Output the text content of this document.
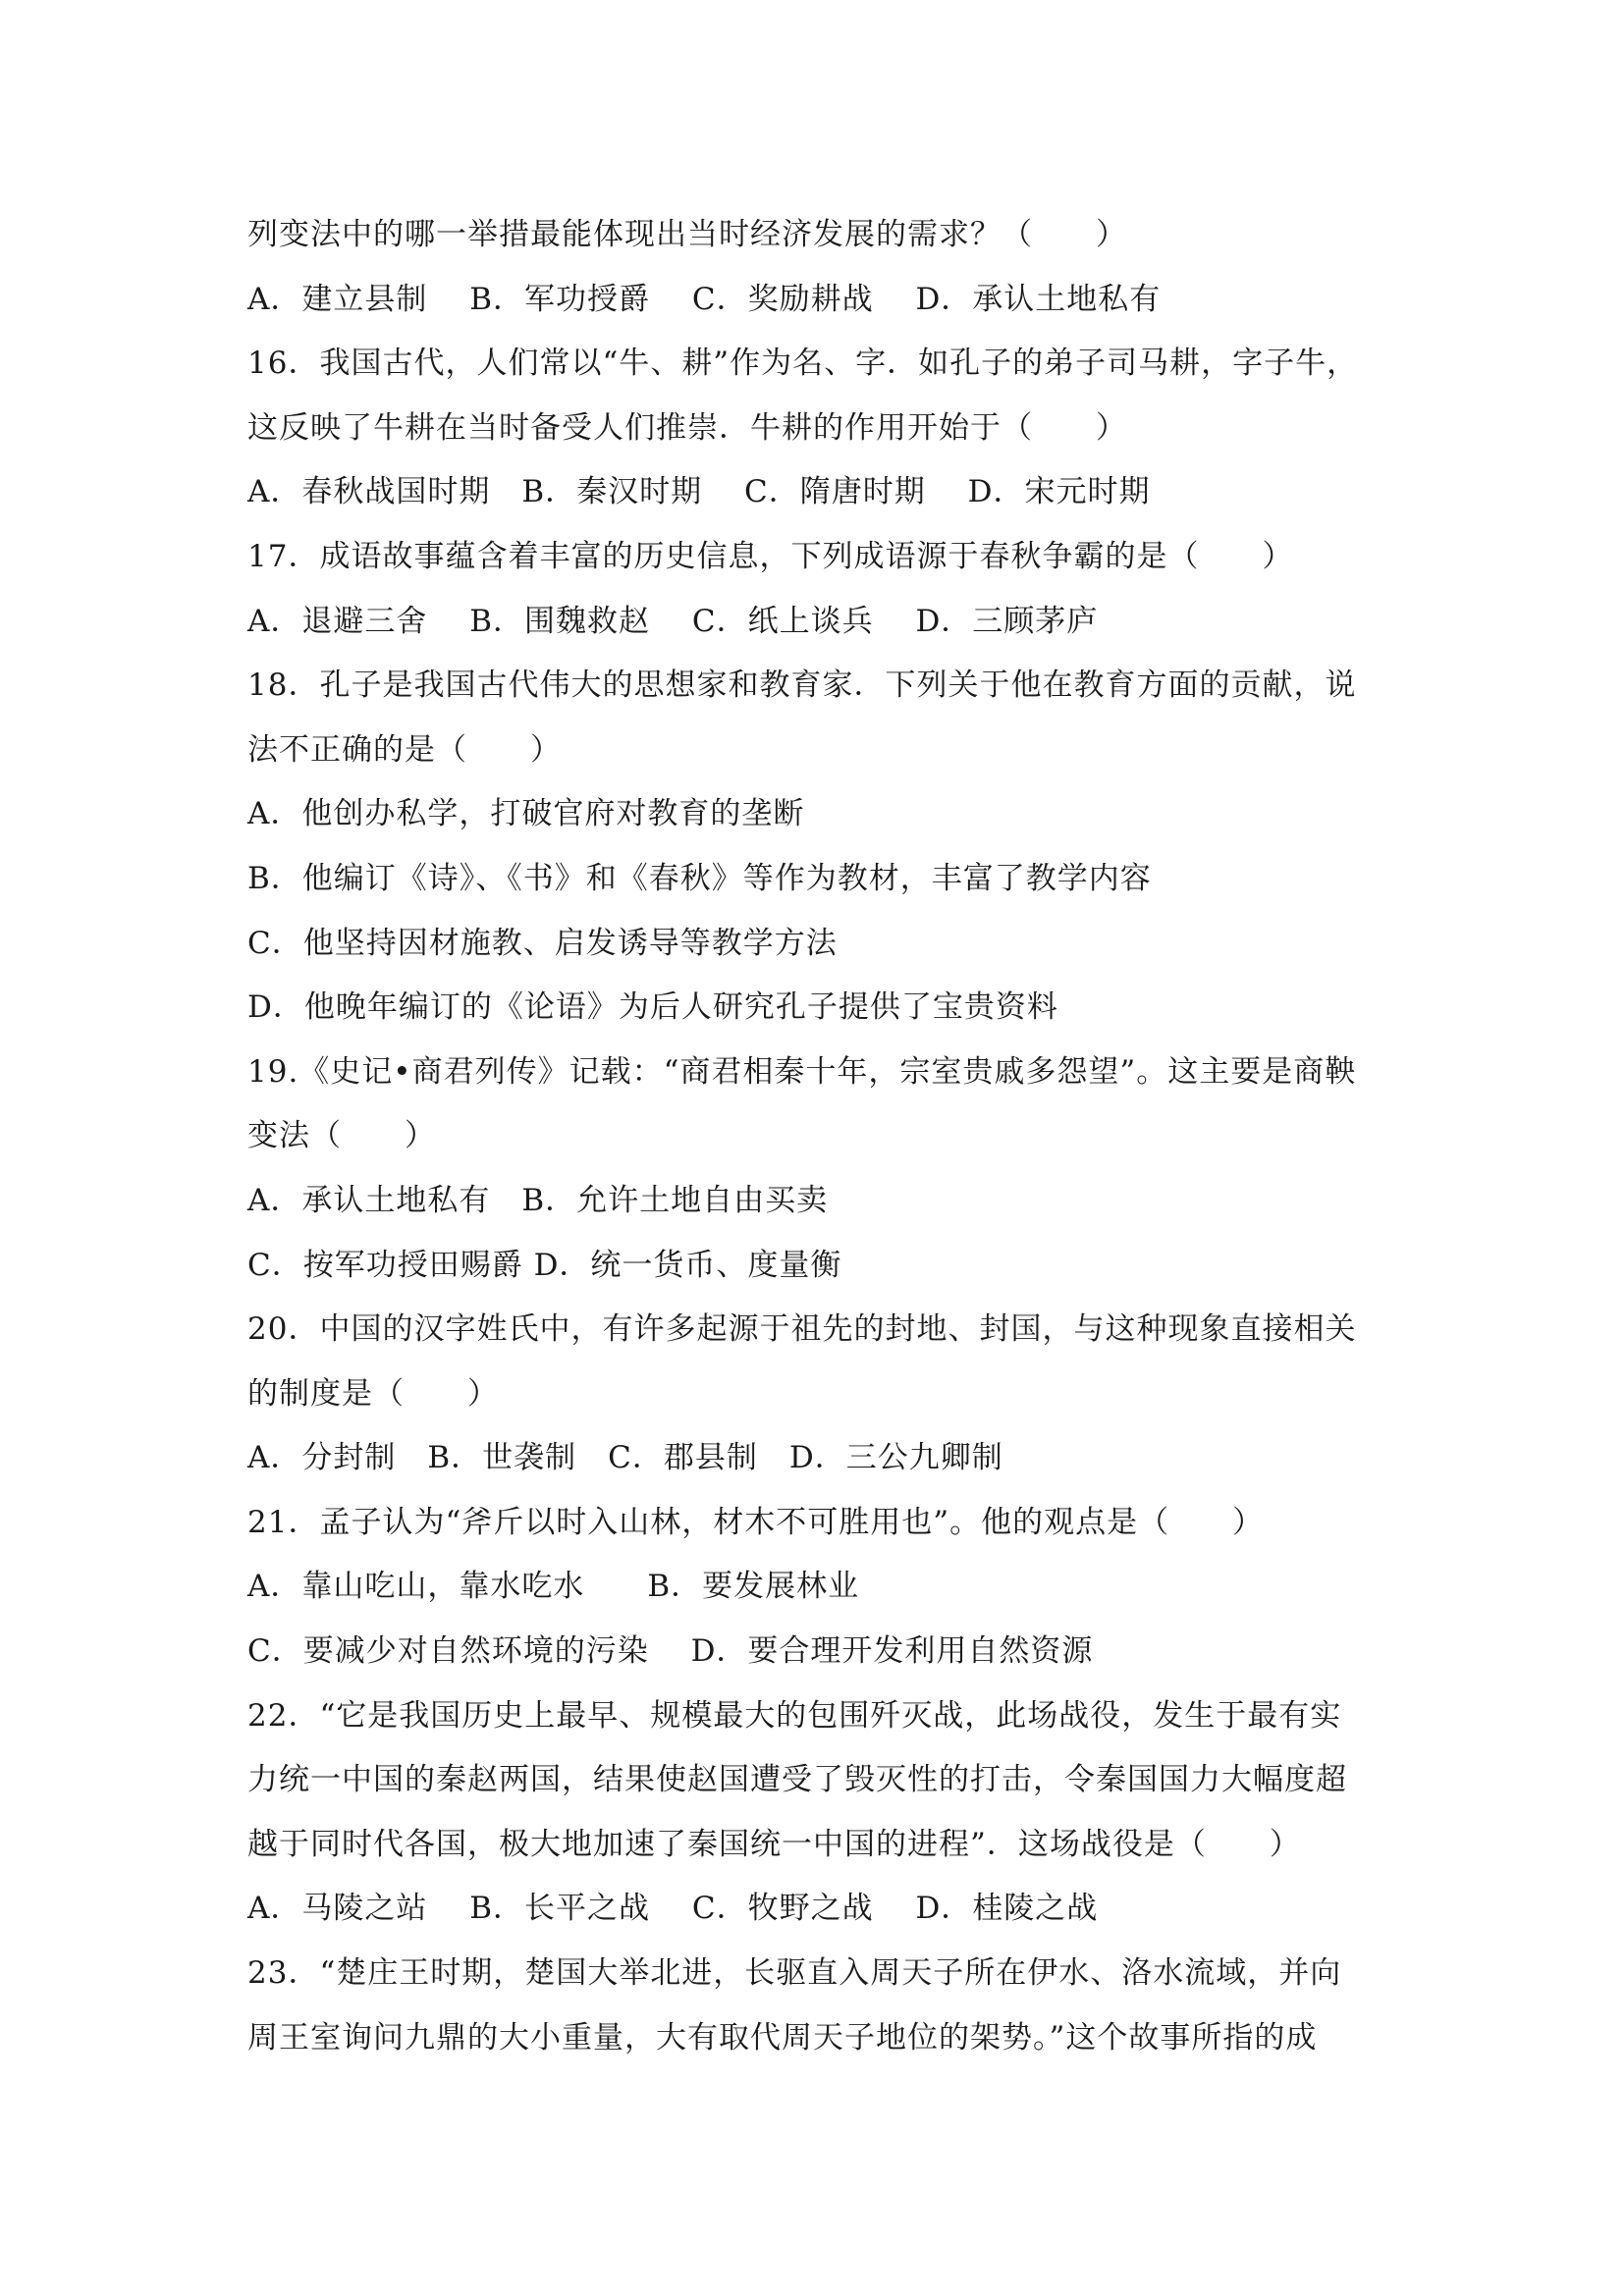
列变法中的哪一举措最能体现出当时经济发展的需求？（　　）
A．建立县制　 B．军功授爵　 C．奖励耕战　 D．承认土地私有
16．我国古代，人们常以“牛、耕”作为名、字．如孔子的弟子司马耕，字子牛，
这反映了牛耕在当时备受人们推崇．牛耕的作用开始于（　　）
A．春秋战国时期　B．秦汉时期　 C．隋唐时期　 D．宋元时期
17．成语故事蕴含着丰富的历史信息，下列成语源于春秋争霸的是（　　）
A．退避三舍　 B．围魏救赵　 C．纸上谈兵　 D．三顾茅庐
18．孔子是我国古代伟大的思想家和教育家．下列关于他在教育方面的贡献，说
法不正确的是（　　）
A．他创办私学，打破官府对教育的垄断
B．他编订《诗》、《书》和《春秋》等作为教材，丰富了教学内容
C．他坚持因材施教、启发诱导等教学方法
D．他晚年编订的《论语》为后人研究孔子提供了宝贵资料
19.《史记•商君列传》记载：“商君相秦十年，宗室贵戚多怨望”。这主要是商鞅
变法（　　）
A．承认土地私有　B．允许土地自由买卖
C．按军功授田赐爵 D．统一货币、度量衡
20．中国的汉字姓氏中，有许多起源于祖先的封地、封国，与这种现象直接相关
的制度是（　　）
A．分封制　B．世袭制　C．郡县制　D．三公九卿制
21．孟子认为“斧斤以时入山林，材木不可胜用也”。他的观点是（　　）
A．靠山吃山，靠水吃水　　B．要发展林业
C．要减少对自然环境的污染　 D．要合理开发利用自然资源
22．“它是我国历史上最早、规模最大的包围歼灭战，此场战役，发生于最有实
力统一中国的秦赵两国，结果使赵国遭受了毁灭性的打击，令秦国国力大幅度超
越于同时代各国，极大地加速了秦国统一中国的进程”．这场战役是（　　）
A．马陵之站　 B．长平之战　 C．牧野之战　 D．桂陵之战
23．“楚庄王时期，楚国大举北进，长驱直入周天子所在伊水、洛水流域，并向
周王室询问九鼎的大小重量，大有取代周天子地位的架势。”这个故事所指的成
